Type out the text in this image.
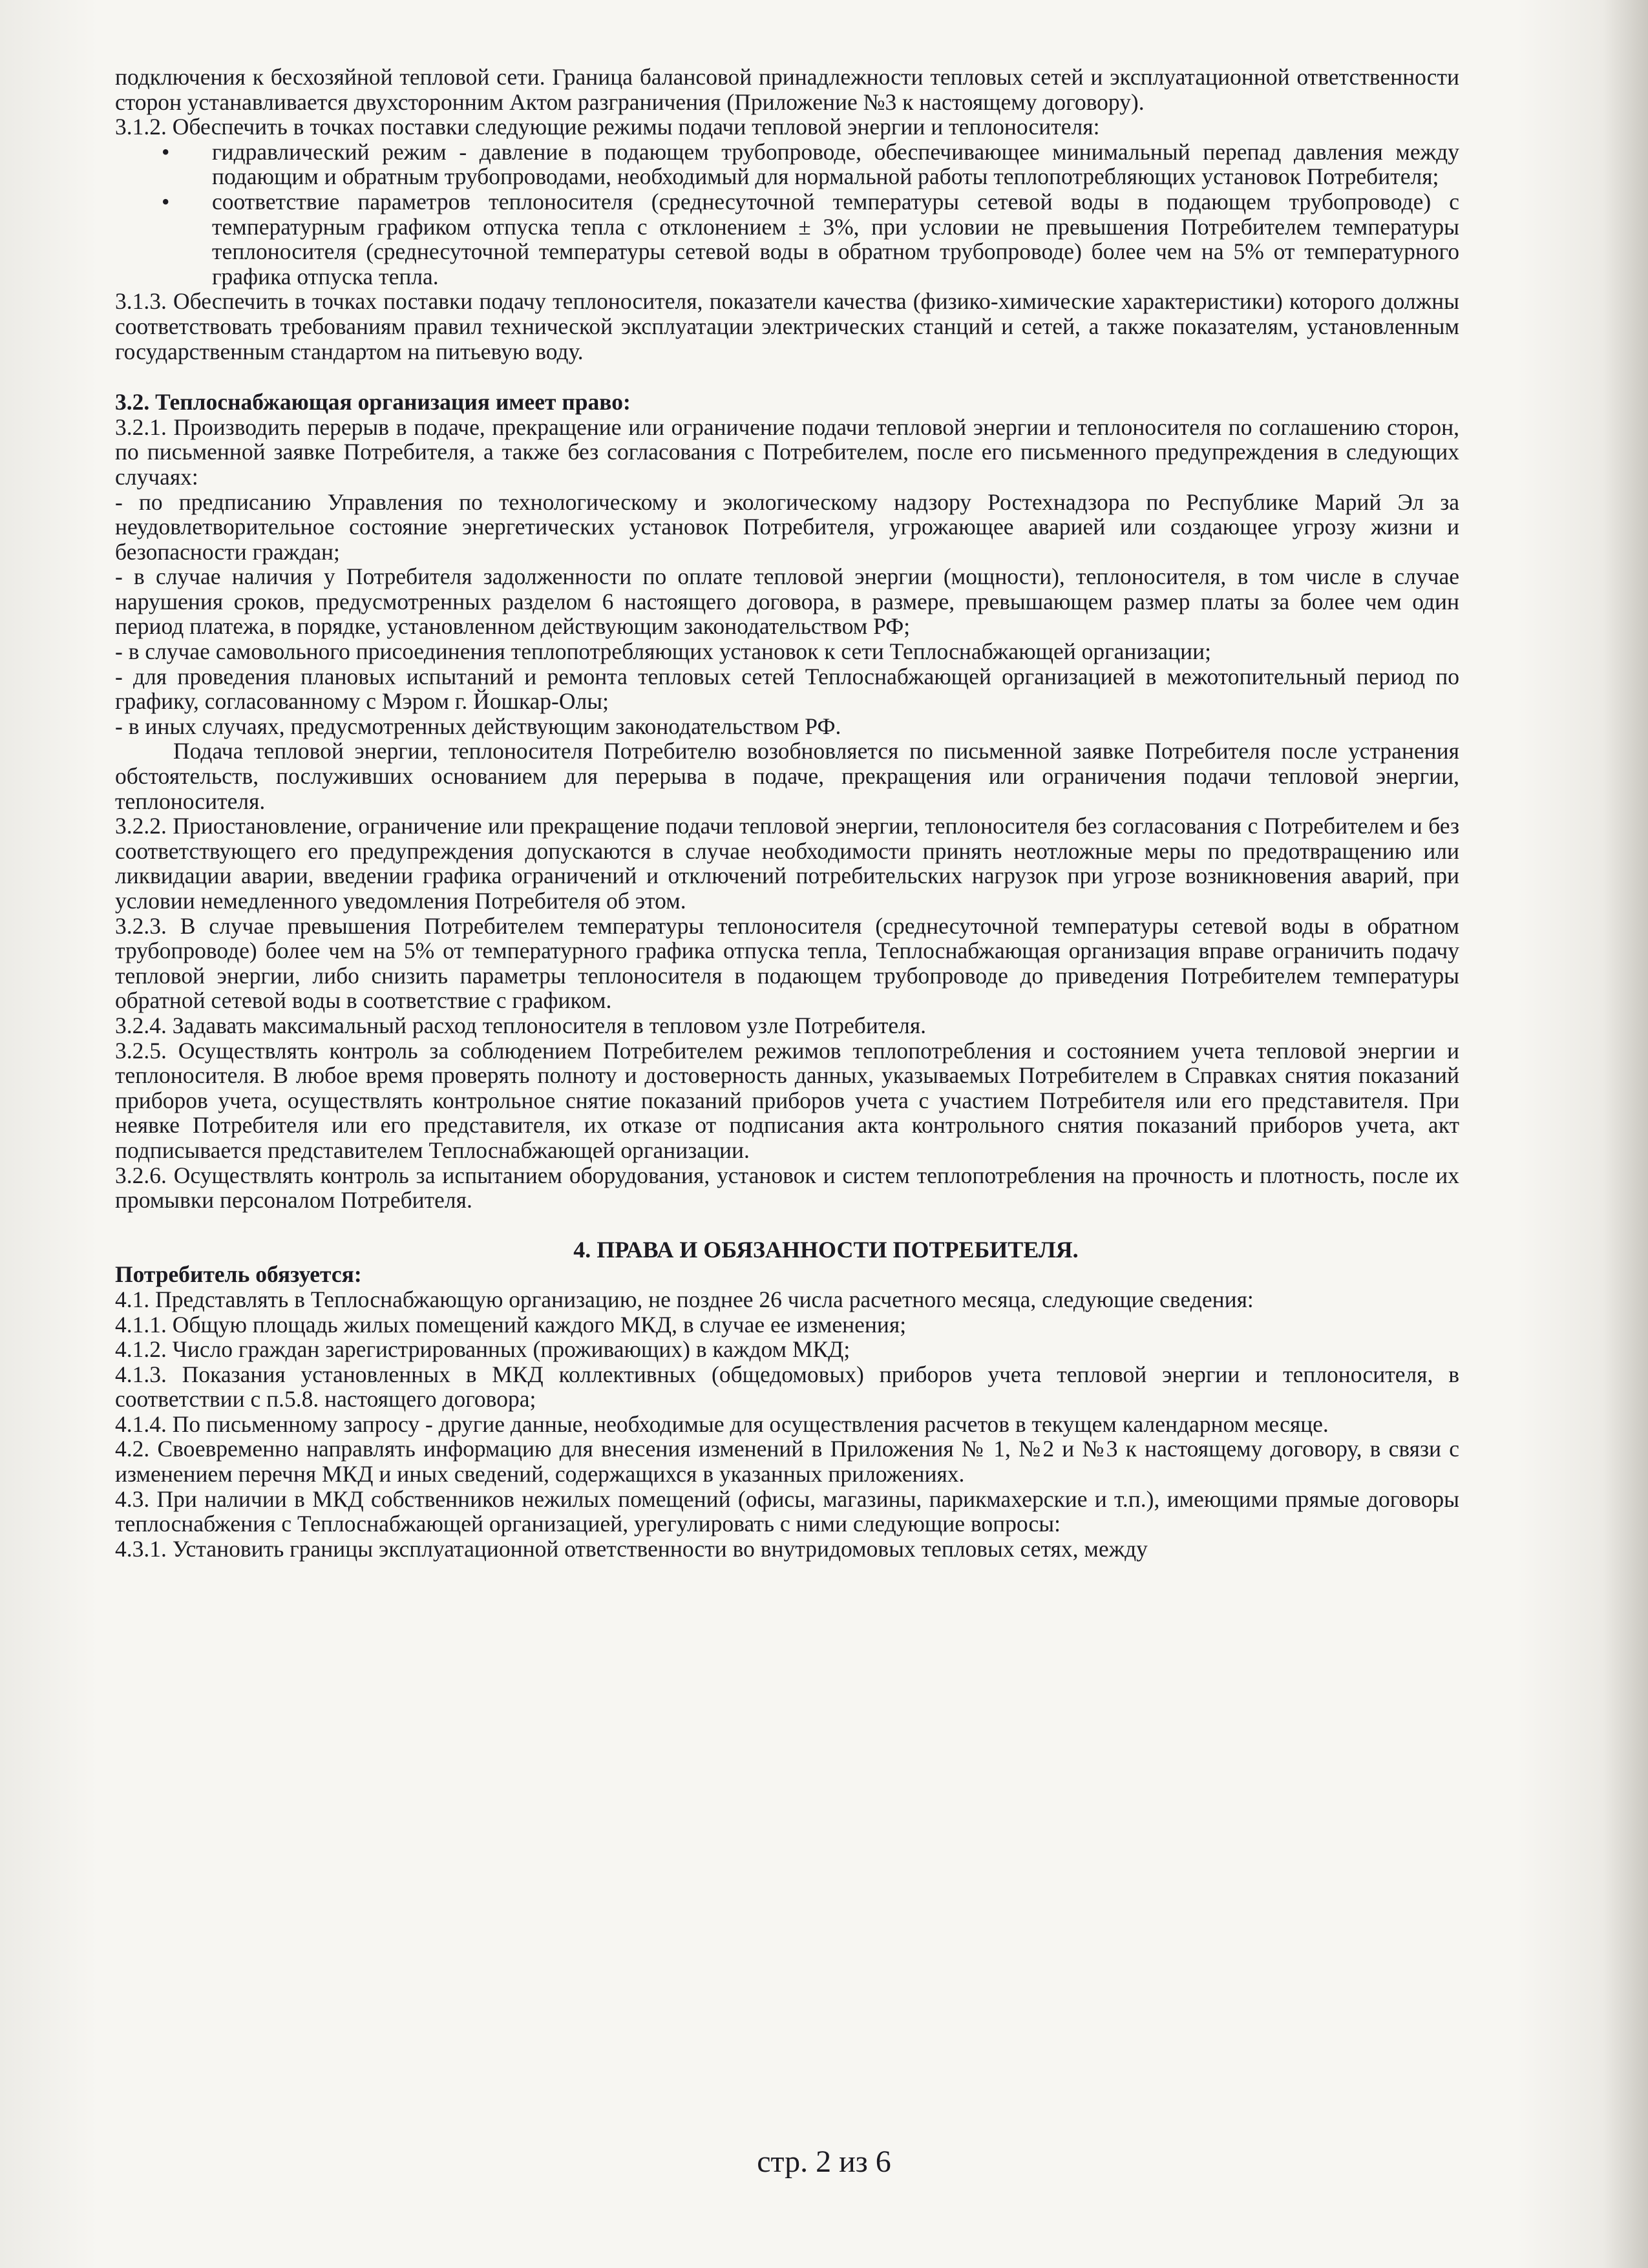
подключения к бесхозяйной тепловой сети. Граница балансовой принадлежности тепловых сетей и эксплуатационной ответственности сторон устанавливается двухсторонним Актом разграничения (Приложение №3 к настоящему договору).

3.1.2. Обеспечить в точках поставки следующие режимы подачи тепловой энергии и теплоносителя:

• гидравлический режим - давление в подающем трубопроводе, обеспечивающее минимальный перепад давления между подающим и обратным трубопроводами, необходимый для нормальной работы теплопотребляющих установок Потребителя;
• соответствие параметров теплоносителя (среднесуточной температуры сетевой воды в подающем трубопроводе) с температурным графиком отпуска тепла с отклонением ± 3%, при условии не превышения Потребителем температуры теплоносителя (среднесуточной температуры сетевой воды в обратном трубопроводе) более чем на 5% от температурного графика отпуска тепла.

3.1.3. Обеспечить в точках поставки подачу теплоносителя, показатели качества (физико-химические характеристики) которого должны соответствовать требованиям правил технической эксплуатации электрических станций и сетей, а также показателям, установленным государственным стандартом на питьевую воду.

3.2. Теплоснабжающая организация имеет право:

3.2.1. Производить перерыв в подаче, прекращение или ограничение подачи тепловой энергии и теплоносителя по соглашению сторон, по письменной заявке Потребителя, а также без согласования с Потребителем, после его письменного предупреждения в следующих случаях:

- по предписанию Управления по технологическому и экологическому надзору Ростехнадзора по Республике Марий Эл за неудовлетворительное состояние энергетических установок Потребителя, угрожающее аварией или создающее угрозу жизни и безопасности граждан;

- в случае наличия у Потребителя задолженности по оплате тепловой энергии (мощности), теплоносителя, в том числе в случае нарушения сроков, предусмотренных разделом 6 настоящего договора, в размере, превышающем размер платы за более чем один период платежа, в порядке, установленном действующим законодательством РФ;

- в случае самовольного присоединения теплопотребляющих установок к сети Теплоснабжающей организации;

- для проведения плановых испытаний и ремонта тепловых сетей Теплоснабжающей организацией в межотопительный период по графику, согласованному с Мэром г. Йошкар-Олы;

- в иных случаях, предусмотренных действующим законодательством РФ.

Подача тепловой энергии, теплоносителя Потребителю возобновляется по письменной заявке Потребителя после устранения обстоятельств, послуживших основанием для перерыва в подаче, прекращения или ограничения подачи тепловой энергии, теплоносителя.

3.2.2. Приостановление, ограничение или прекращение подачи тепловой энергии, теплоносителя без согласования с Потребителем и без соответствующего его предупреждения допускаются в случае необходимости принять неотложные меры по предотвращению или ликвидации аварии, введении графика ограничений и отключений потребительских нагрузок при угрозе возникновения аварий, при условии немедленного уведомления Потребителя об этом.

3.2.3. В случае превышения Потребителем температуры теплоносителя (среднесуточной температуры сетевой воды в обратном трубопроводе) более чем на 5% от температурного графика отпуска тепла, Теплоснабжающая организация вправе ограничить подачу тепловой энергии, либо снизить параметры теплоносителя в подающем трубопроводе до приведения Потребителем температуры обратной сетевой воды в соответствие с графиком.

3.2.4. Задавать максимальный расход теплоносителя в тепловом узле Потребителя.

3.2.5. Осуществлять контроль за соблюдением Потребителем режимов теплопотребления и состоянием учета тепловой энергии и теплоносителя. В любое время проверять полноту и достоверность данных, указываемых Потребителем в Справках снятия показаний приборов учета, осуществлять контрольное снятие показаний приборов учета с участием Потребителя или его представителя. При неявке Потребителя или его представителя, их отказе от подписания акта контрольного снятия показаний приборов учета, акт подписывается представителем Теплоснабжающей организации.

3.2.6. Осуществлять контроль за испытанием оборудования, установок и систем теплопотребления на прочность и плотность, после их промывки персоналом Потребителя.

4. ПРАВА И ОБЯЗАННОСТИ ПОТРЕБИТЕЛЯ.

Потребитель обязуется:

4.1. Представлять в Теплоснабжающую организацию, не позднее 26 числа расчетного месяца, следующие сведения:

4.1.1. Общую площадь жилых помещений каждого МКД, в случае ее изменения;

4.1.2. Число граждан зарегистрированных (проживающих) в каждом МКД;

4.1.3. Показания установленных в МКД коллективных (общедомовых) приборов учета тепловой энергии и теплоносителя, в соответствии с п.5.8. настоящего договора;

4.1.4. По письменному запросу - другие данные, необходимые для осуществления расчетов в текущем календарном месяце.

4.2. Своевременно направлять информацию для внесения изменений в Приложения № 1, №2 и №3 к настоящему договору, в связи с изменением перечня МКД и иных сведений, содержащихся в указанных приложениях.

4.3. При наличии в МКД собственников нежилых помещений (офисы, магазины, парикмахерские и т.п.), имеющими прямые договоры теплоснабжения с Теплоснабжающей организацией, урегулировать с ними следующие вопросы:

4.3.1. Установить границы эксплуатационной ответственности во внутридомовых тепловых сетях, между

стр. 2 из 6
